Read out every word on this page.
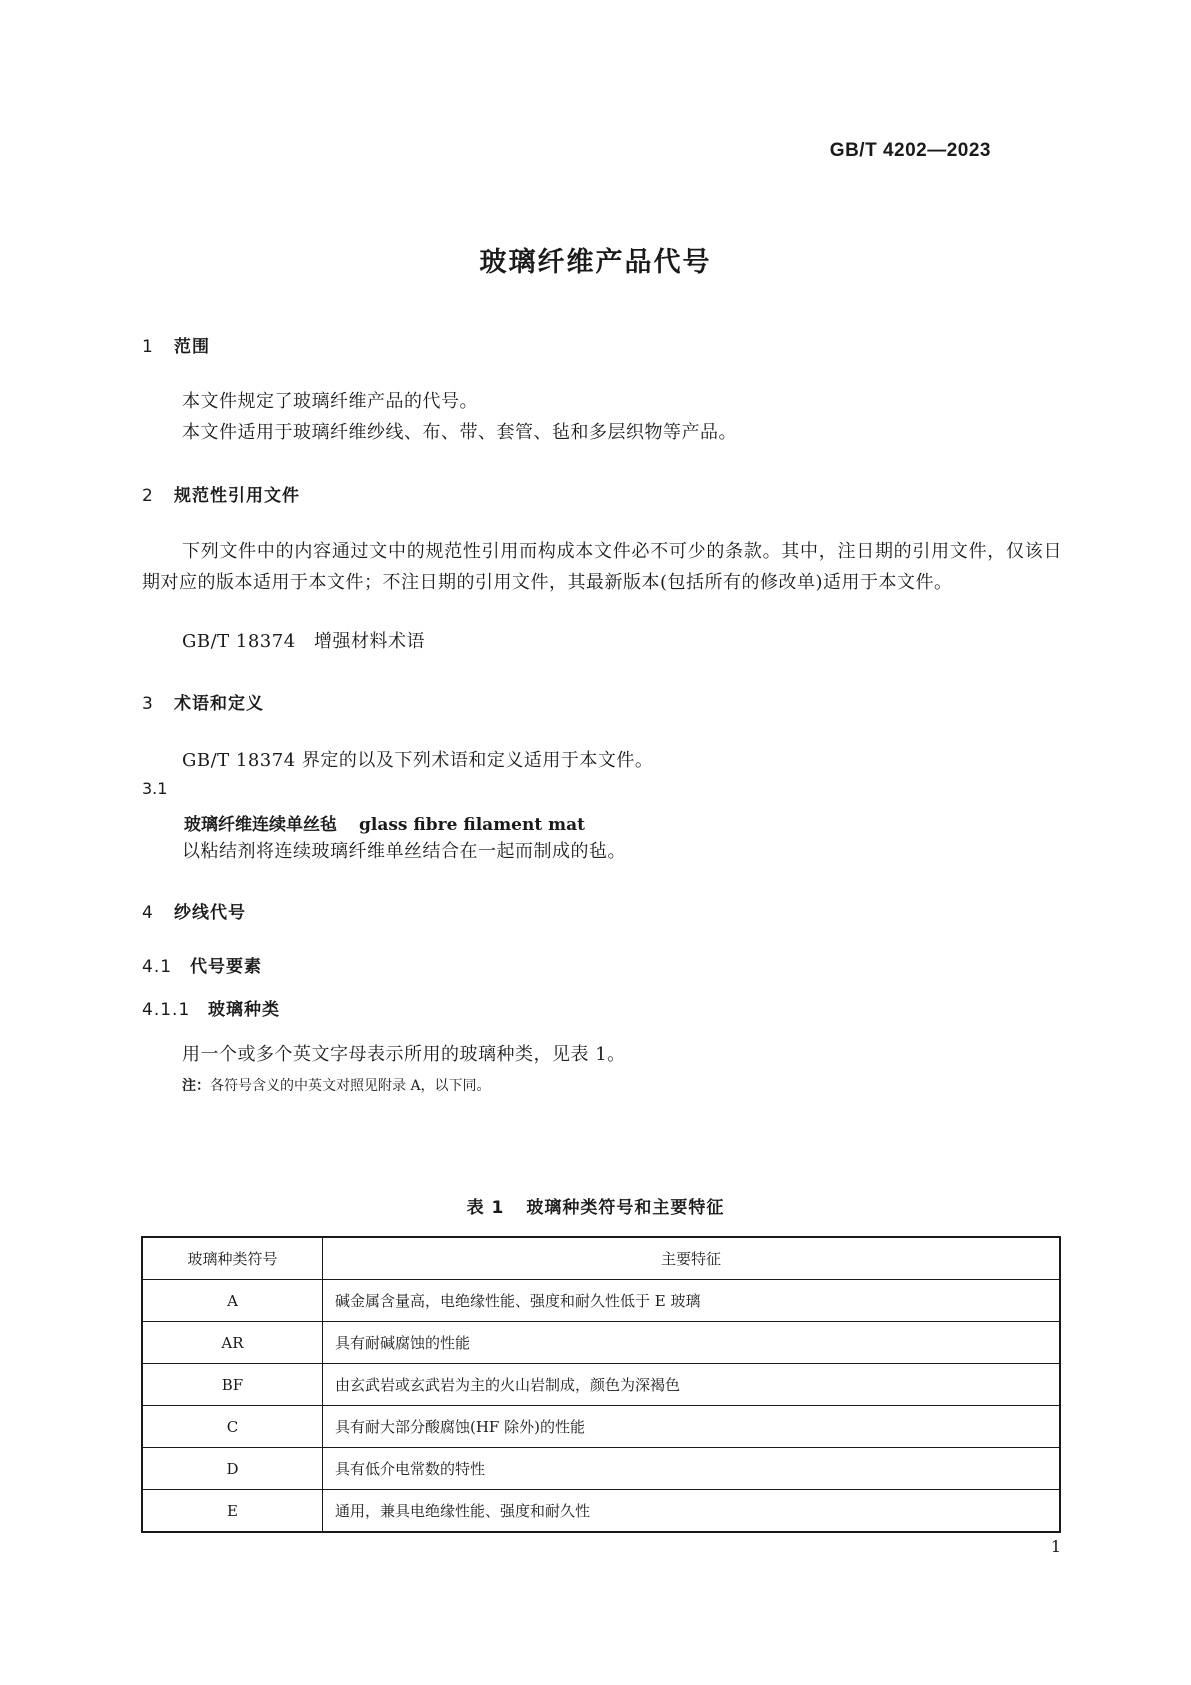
GB/T 4202—2023
玻璃纤维产品代号
1 范围
本文件规定了玻璃纤维产品的代号。
本文件适用于玻璃纤维纱线、布、带、套管、毡和多层织物等产品。
2 规范性引用文件
下列文件中的内容通过文中的规范性引用而构成本文件必不可少的条款。其中，注日期的引用文件，仅该日期对应的版本适用于本文件；不注日期的引用文件，其最新版本(包括所有的修改单)适用于本文件。
GB/T 18374 增强材料术语
3 术语和定义
GB/T 18374 界定的以及下列术语和定义适用于本文件。
3.1
玻璃纤维连续单丝毡 glass fibre filament mat
以粘结剂将连续玻璃纤维单丝结合在一起而制成的毡。
4 纱线代号
4.1 代号要素
4.1.1 玻璃种类
用一个或多个英文字母表示所用的玻璃种类，见表 1。
注：各符号含义的中英文对照见附录 A，以下同。
表 1 玻璃种类符号和主要特征
玻璃种类符号	主要特征
A	碱金属含量高，电绝缘性能、强度和耐久性低于 E 玻璃
AR	具有耐碱腐蚀的性能
BF	由玄武岩或玄武岩为主的火山岩制成，颜色为深褐色
C	具有耐大部分酸腐蚀(HF 除外)的性能
D	具有低介电常数的特性
E	通用，兼具电绝缘性能、强度和耐久性
1
